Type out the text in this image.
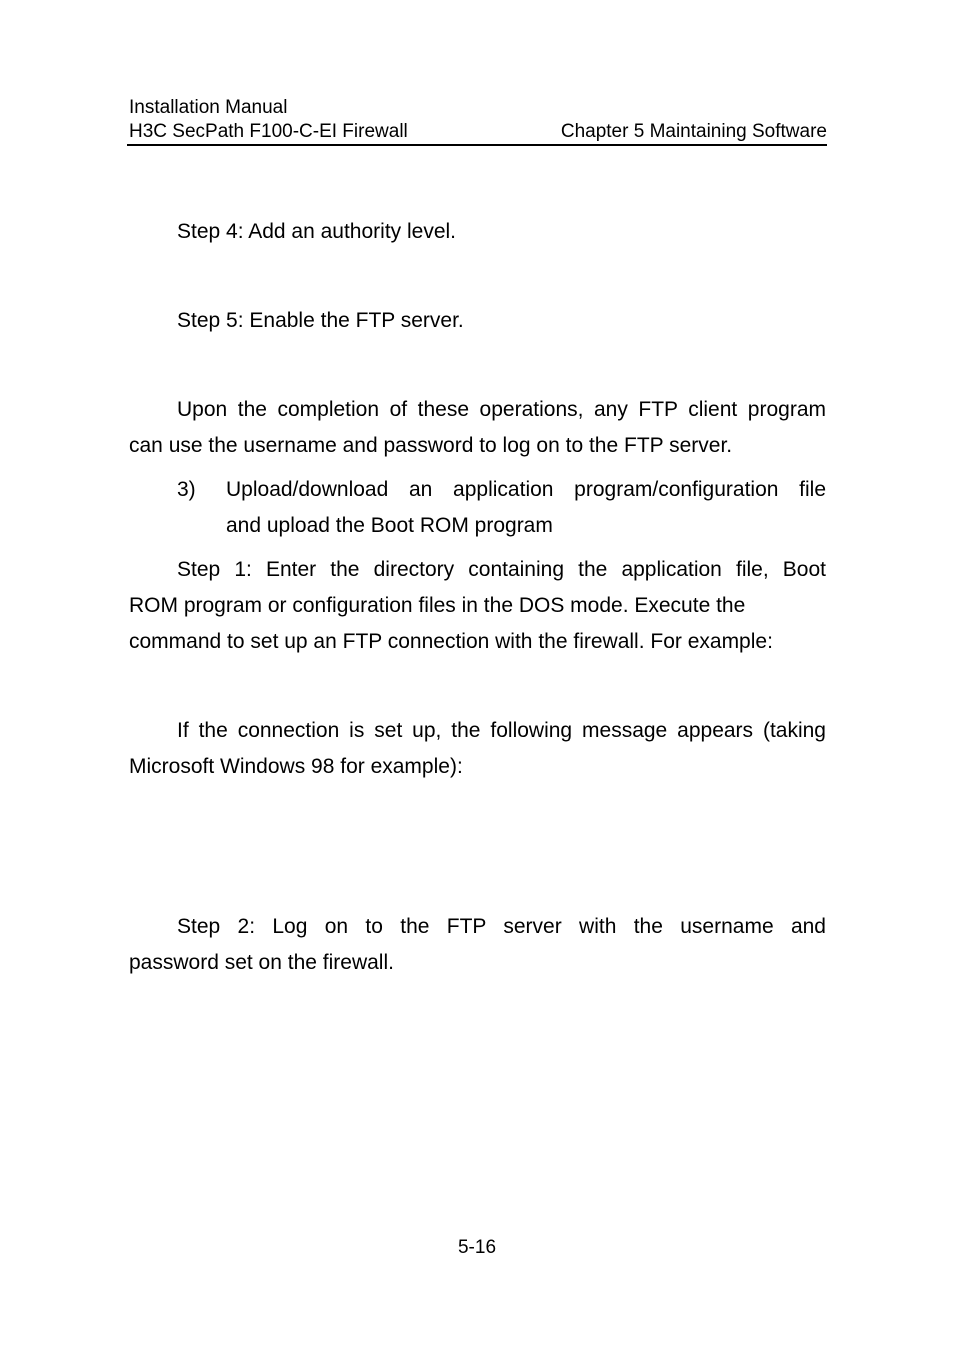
Installation Manual
H3C SecPath F100-C-EI Firewall	Chapter 5 Maintaining Software
Step 4: Add an authority level.
Step 5: Enable the FTP server.
Upon the completion of these operations, any FTP client program
can use the username and password to log on to the FTP server.
3) Upload/download an application program/configuration file
and upload the Boot ROM program
Step 1: Enter the directory containing the application file, Boot
ROM program or configuration files in the DOS mode. Execute the
command to set up an FTP connection with the firewall. For example:
If the connection is set up, the following message appears (taking
Microsoft Windows 98 for example):
Step 2: Log on to the FTP server with the username and
password set on the firewall.
5-16
